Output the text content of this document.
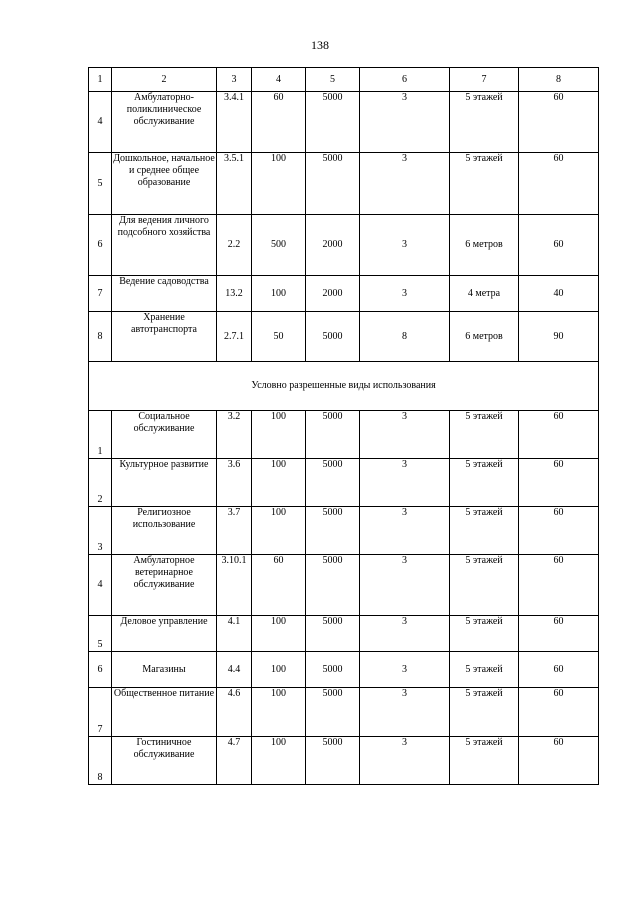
138
1	2	3	4	5	6	7	8
4	Амбулаторно-поликлиническое обслуживание	3.4.1	60	5000	3	5 этажей	60
5	Дошкольное, начальное и среднее общее образование	3.5.1	100	5000	3	5 этажей	60
6	Для ведения личного подсобного хозяйства	2.2	500	2000	3	6 метров	60
7	Ведение садоводства	13.2	100	2000	3	4 метра	40
8	Хранение автотранспорта	2.7.1	50	5000	8	6 метров	90
Условно разрешенные виды использования							
1	Социальное обслуживание	3.2	100	5000	3	5 этажей	60
2	Культурное развитие	3.6	100	5000	3	5 этажей	60
3	Религиозное использование	3.7	100	5000	3	5 этажей	60
4	Амбулаторное ветеринарное обслуживание	3.10.1	60	5000	3	5 этажей	60
5	Деловое управление	4.1	100	5000	3	5 этажей	60
6	Магазины	4.4	100	5000	3	5 этажей	60
7	Общественное питание	4.6	100	5000	3	5 этажей	60
8	Гостиничное обслуживание	4.7	100	5000	3	5 этажей	60
